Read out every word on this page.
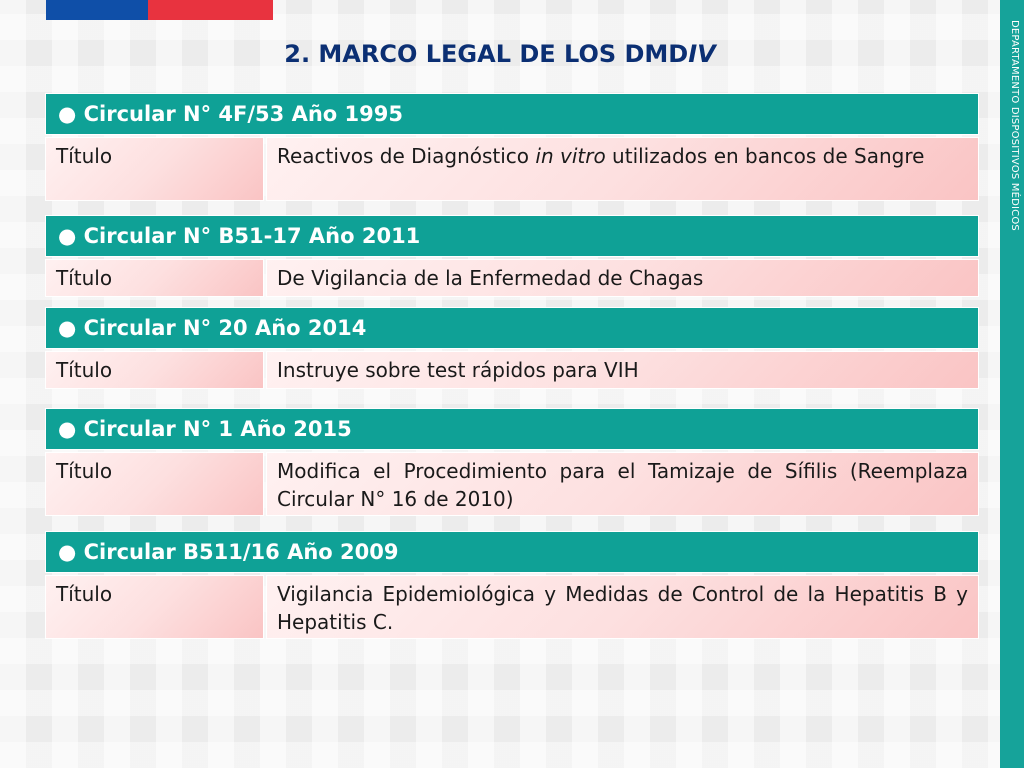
DEPARTAMENTO DISPOSITIVOS MÉDICOS
2. MARCO LEGAL DE LOS DMDIV
● Circular N° 4F/53 Año 1995
Título	Reactivos de Diagnóstico in vitro utilizados en bancos de Sangre
● Circular N° B51-17 Año 2011
Título	De Vigilancia de la Enfermedad de Chagas
● Circular N° 20 Año 2014
Título	Instruye sobre test rápidos para VIH
● Circular N° 1 Año 2015
Título	Modifica el Procedimiento para el Tamizaje de Sífilis (Reemplaza Circular N° 16 de 2010)
● Circular B511/16 Año 2009
Título	Vigilancia Epidemiológica y Medidas de Control de la Hepatitis B y Hepatitis C.
